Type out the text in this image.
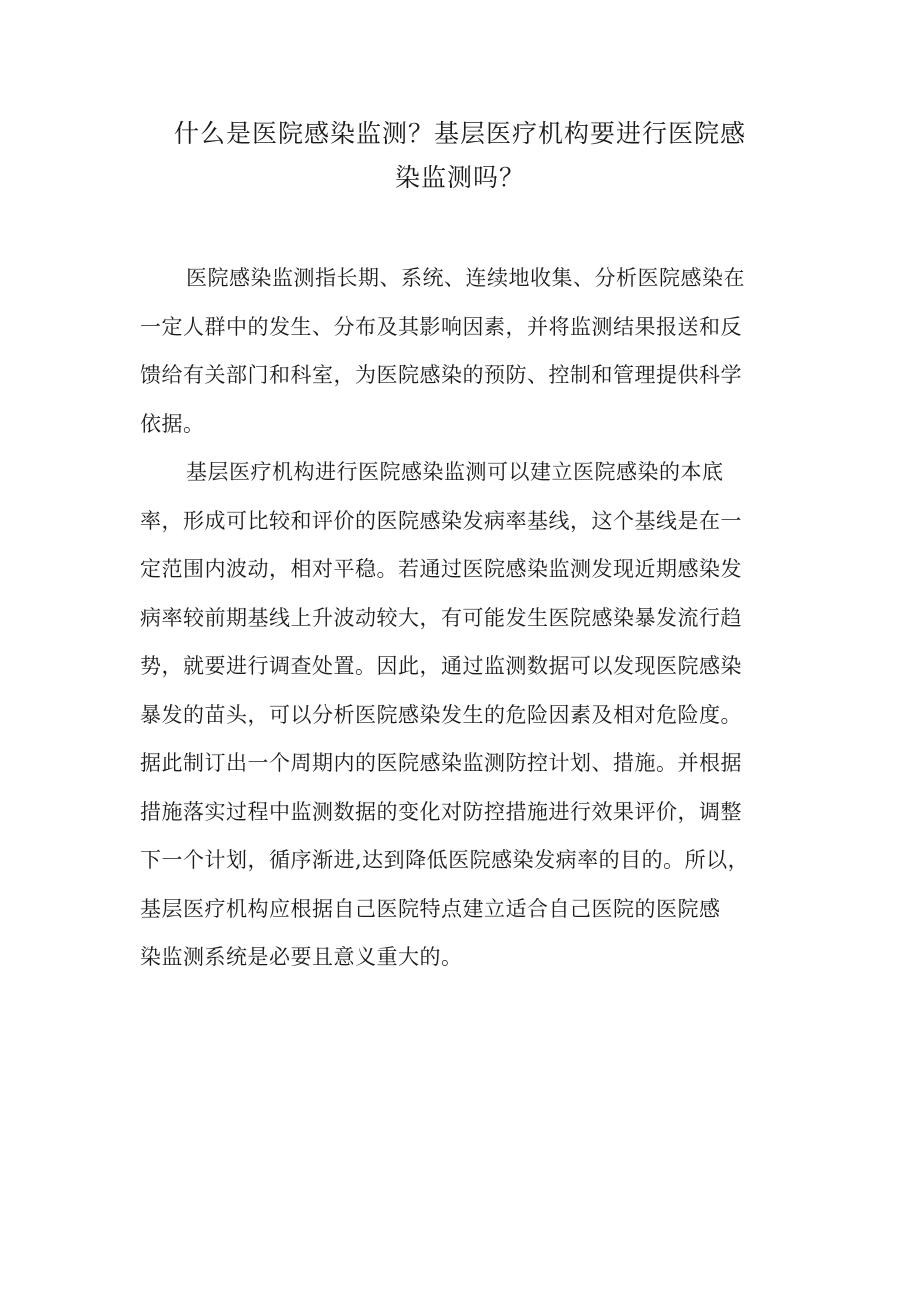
什么是医院感染监测？基层医疗机构要进行医院感
染监测吗？
医院感染监测指长期、系统、连续地收集、分析医院感染在
一定人群中的发生、分布及其影响因素，并将监测结果报送和反
馈给有关部门和科室，为医院感染的预防、控制和管理提供科学
依据。
基层医疗机构进行医院感染监测可以建立医院感染的本底
率，形成可比较和评价的医院感染发病率基线，这个基线是在一
定范围内波动，相对平稳。若通过医院感染监测发现近期感染发
病率较前期基线上升波动较大，有可能发生医院感染暴发流行趋
势，就要进行调查处置。因此，通过监测数据可以发现医院感染
暴发的苗头，可以分析医院感染发生的危险因素及相对危险度。
据此制订出一个周期内的医院感染监测防控计划、措施。并根据
措施落实过程中监测数据的变化对防控措施进行效果评价，调整
下一个计划，循序渐进,达到降低医院感染发病率的目的。所以，
基层医疗机构应根据自己医院特点建立适合自己医院的医院感
染监测系统是必要且意义重大的。
